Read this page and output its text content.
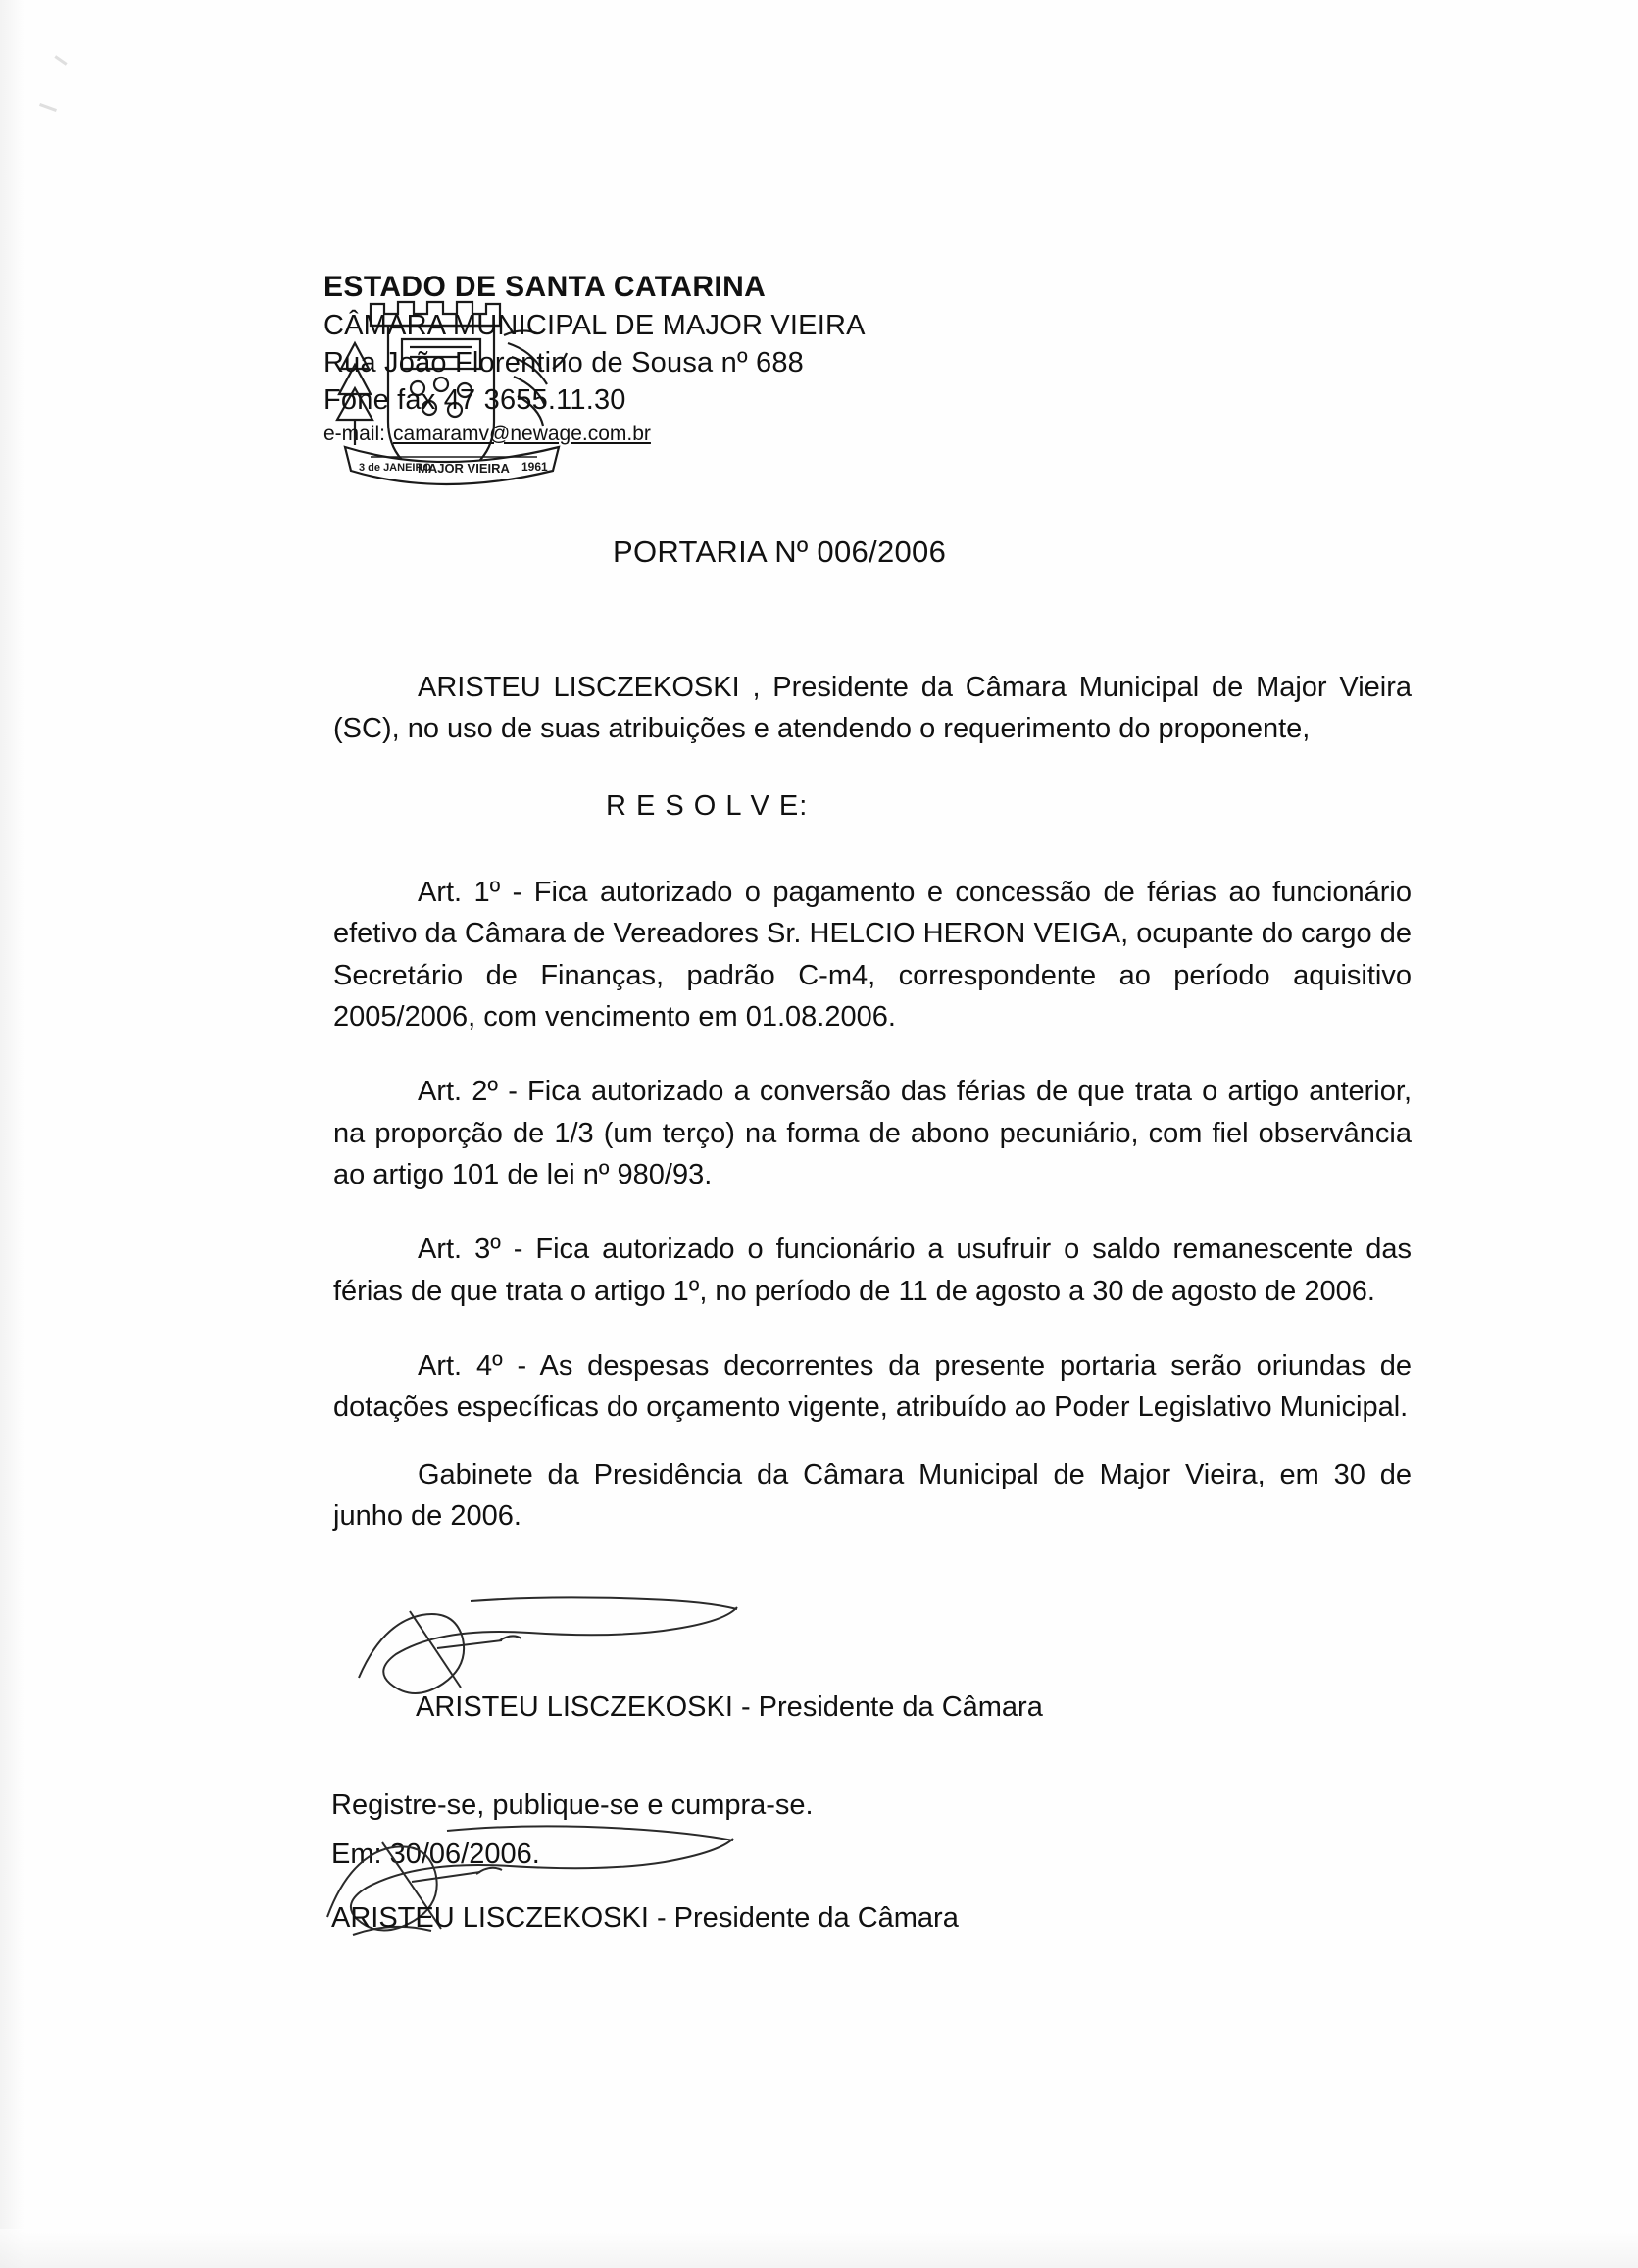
3 de JANEIRO
MAJOR VIEIRA 1961

ESTADO DE SANTA CATARINA

CÂMARA MUNICIPAL DE MAJOR VIEIRA

Rua João Florentino de Sousa nº 688

Fone fax 47 3655.11.30

e-mail: camaramv@newage.com.br

PORTARIA Nº 006/2006

ARISTEU LISCZEKOSKI , Presidente da Câmara Municipal de Major Vieira (SC), no uso de suas atribuições e atendendo o requerimento do proponente,

R E S O L V E:

Art. 1º - Fica autorizado o pagamento e concessão de férias ao funcionário efetivo da Câmara de Vereadores Sr. HELCIO HERON VEIGA, ocupante do cargo de Secretário de Finanças, padrão C-m4, correspondente ao período aquisitivo 2005/2006, com vencimento em 01.08.2006.

Art. 2º - Fica autorizado a conversão das férias de que trata o artigo anterior, na proporção de 1/3 (um terço) na forma de abono pecuniário, com fiel observância ao artigo 101 de lei nº 980/93.

Art. 3º - Fica autorizado o funcionário a usufruir o saldo remanescente das férias de que trata o artigo 1º, no período de 11 de agosto a 30 de agosto de 2006.

Art. 4º - As despesas decorrentes da presente portaria serão oriundas de dotações específicas do orçamento vigente, atribuído ao Poder Legislativo Municipal.

Gabinete da Presidência da Câmara Municipal de Major Vieira, em 30 de junho de 2006.

ARISTEU LISCZEKOSKI - Presidente da Câmara

Registre-se, publique-se e cumpra-se.

Em: 30/06/2006.

ARISTEU LISCZEKOSKI - Presidente da Câmara
